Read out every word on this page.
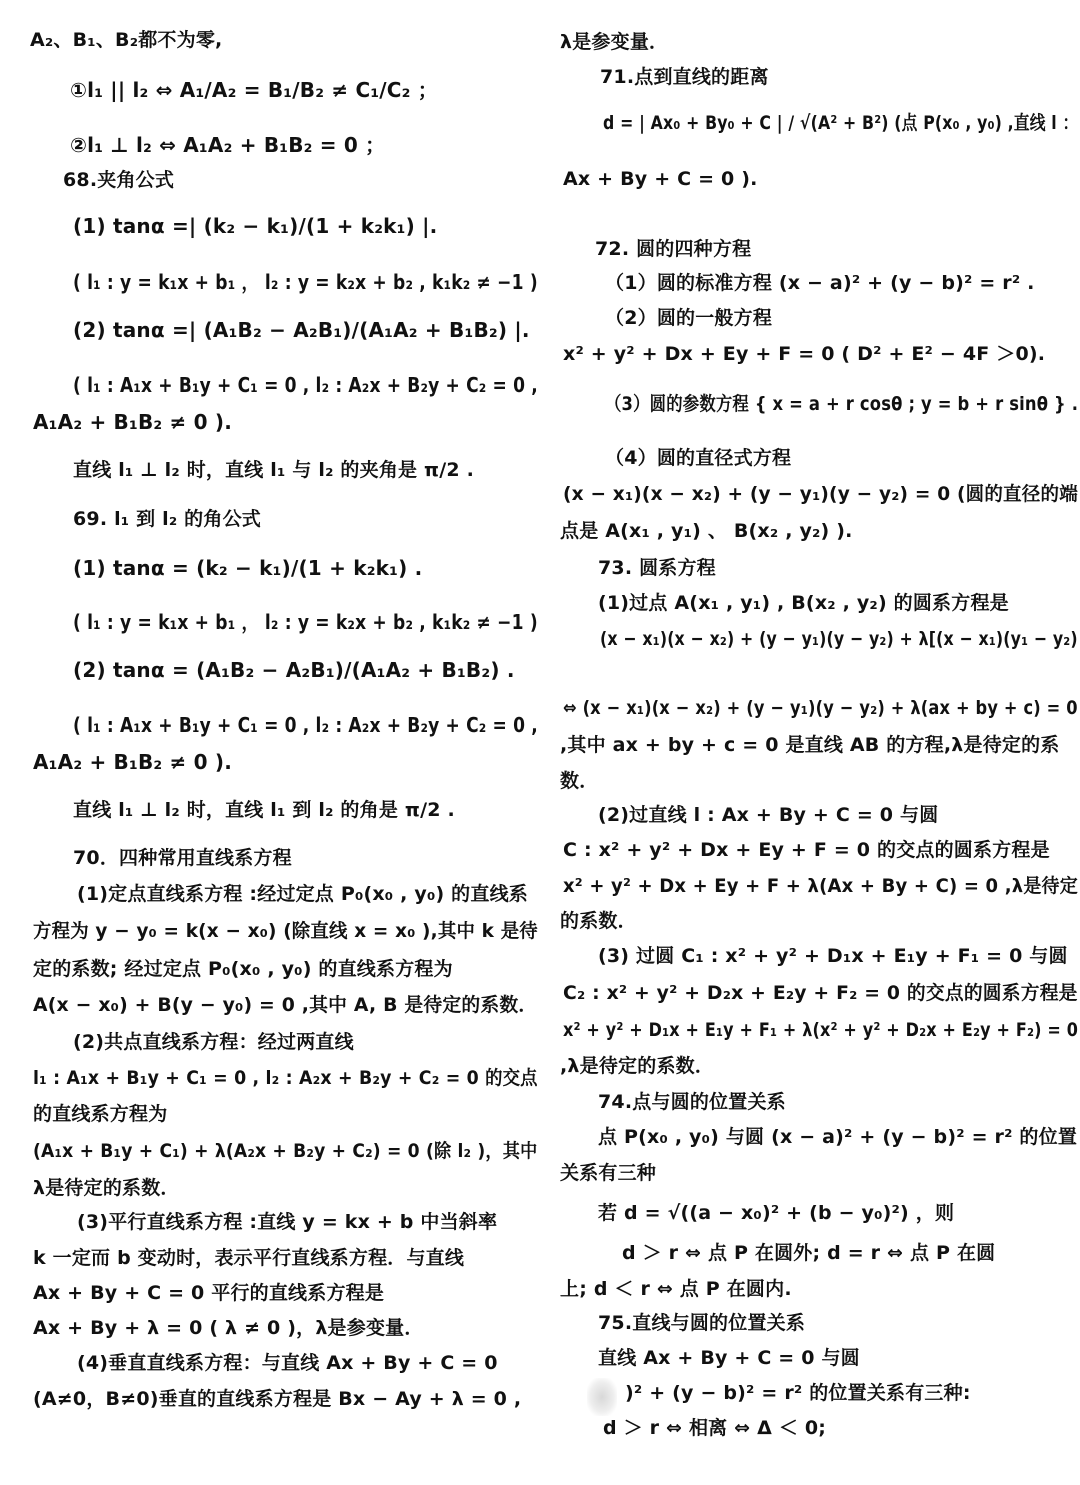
A₂、B₁、B₂都不为零,
①l₁ || l₂ ⇔ A₁/A₂ = B₁/B₂ ≠ C₁/C₂ ；
②l₁ ⊥ l₂ ⇔ A₁A₂ + B₁B₂ = 0 ；
68.夹角公式
(1) tanα =| (k₂ − k₁)/(1 + k₂k₁) |.
( l₁ : y = k₁x + b₁ ， l₂ : y = k₂x + b₂ , k₁k₂ ≠ −1 )
(2) tanα =| (A₁B₂ − A₂B₁)/(A₁A₂ + B₁B₂) |.
( l₁ : A₁x + B₁y + C₁ = 0 , l₂ : A₂x + B₂y + C₂ = 0 ,
A₁A₂ + B₁B₂ ≠ 0 ).
直线 l₁ ⊥ l₂ 时，直线 l₁ 与 l₂ 的夹角是 π/2 .
69. l₁ 到 l₂ 的角公式
(1) tanα = (k₂ − k₁)/(1 + k₂k₁) .
( l₁ : y = k₁x + b₁ ， l₂ : y = k₂x + b₂ , k₁k₂ ≠ −1 )
(2) tanα = (A₁B₂ − A₂B₁)/(A₁A₂ + B₁B₂) .
( l₁ : A₁x + B₁y + C₁ = 0 , l₂ : A₂x + B₂y + C₂ = 0 ,
A₁A₂ + B₁B₂ ≠ 0 ).
直线 l₁ ⊥ l₂ 时，直线 l₁ 到 l₂ 的角是 π/2 .
70．四种常用直线系方程
(1)定点直线系方程 :经过定点 P₀(x₀ , y₀) 的直线系
方程为 y − y₀ = k(x − x₀) (除直线 x = x₀ ),其中 k 是待
定的系数; 经过定点 P₀(x₀ , y₀) 的直线系方程为
A(x − x₀) + B(y − y₀) = 0 ,其中 A, B 是待定的系数．
(2)共点直线系方程：经过两直线
l₁ : A₁x + B₁y + C₁ = 0 , l₂ : A₂x + B₂y + C₂ = 0 的交点
的直线系方程为
(A₁x + B₁y + C₁) + λ(A₂x + B₂y + C₂) = 0 (除 l₂ )，其中
λ是待定的系数．
(3)平行直线系方程 :直线 y = kx + b 中当斜率
k 一定而 b 变动时，表示平行直线系方程．与直线
Ax + By + C = 0 平行的直线系方程是
Ax + By + λ = 0 ( λ ≠ 0 )，λ是参变量．
(4)垂直直线系方程：与直线 Ax + By + C = 0
(A≠0，B≠0)垂直的直线系方程是 Bx − Ay + λ = 0 ,
λ是参变量．
71.点到直线的距离
d = | Ax₀ + By₀ + C | / √(A² + B²) (点 P(x₀ , y₀) ,直线 l ：
Ax + By + C = 0 ).
72. 圆的四种方程
（1）圆的标准方程 (x − a)² + (y − b)² = r² .
（2）圆的一般方程
x² + y² + Dx + Ey + F = 0 ( D² + E² − 4F ＞0).
（3）圆的参数方程 { x = a + r cosθ ; y = b + r sinθ } .
（4）圆的直径式方程
(x − x₁)(x − x₂) + (y − y₁)(y − y₂) = 0 (圆的直径的端
点是 A(x₁ , y₁) 、 B(x₂ , y₂) ).
73. 圆系方程
(1)过点 A(x₁ , y₁) , B(x₂ , y₂) 的圆系方程是
(x − x₁)(x − x₂) + (y − y₁)(y − y₂) + λ[(x − x₁)(y₁ − y₂)
⇔ (x − x₁)(x − x₂) + (y − y₁)(y − y₂) + λ(ax + by + c) = 0
,其中 ax + by + c = 0 是直线 AB 的方程,λ是待定的系
数．
(2)过直线 l : Ax + By + C = 0 与圆
C : x² + y² + Dx + Ey + F = 0 的交点的圆系方程是
x² + y² + Dx + Ey + F + λ(Ax + By + C) = 0 ,λ是待定
的系数．
(3) 过圆 C₁ : x² + y² + D₁x + E₁y + F₁ = 0 与圆
C₂ : x² + y² + D₂x + E₂y + F₂ = 0 的交点的圆系方程是
x² + y² + D₁x + E₁y + F₁ + λ(x² + y² + D₂x + E₂y + F₂) = 0
,λ是待定的系数．
74.点与圆的位置关系
点 P(x₀ , y₀) 与圆 (x − a)² + (y − b)² = r² 的位置
关系有三种
若 d = √((a − x₀)² + (b − y₀)²) ，则
d ＞ r ⇔ 点 P 在圆外; d = r ⇔ 点 P 在圆
上; d ＜ r ⇔ 点 P 在圆内.
75.直线与圆的位置关系
直线 Ax + By + C = 0 与圆
)² + (y − b)² = r² 的位置关系有三种:
d ＞ r ⇔ 相离 ⇔ Δ ＜ 0;
